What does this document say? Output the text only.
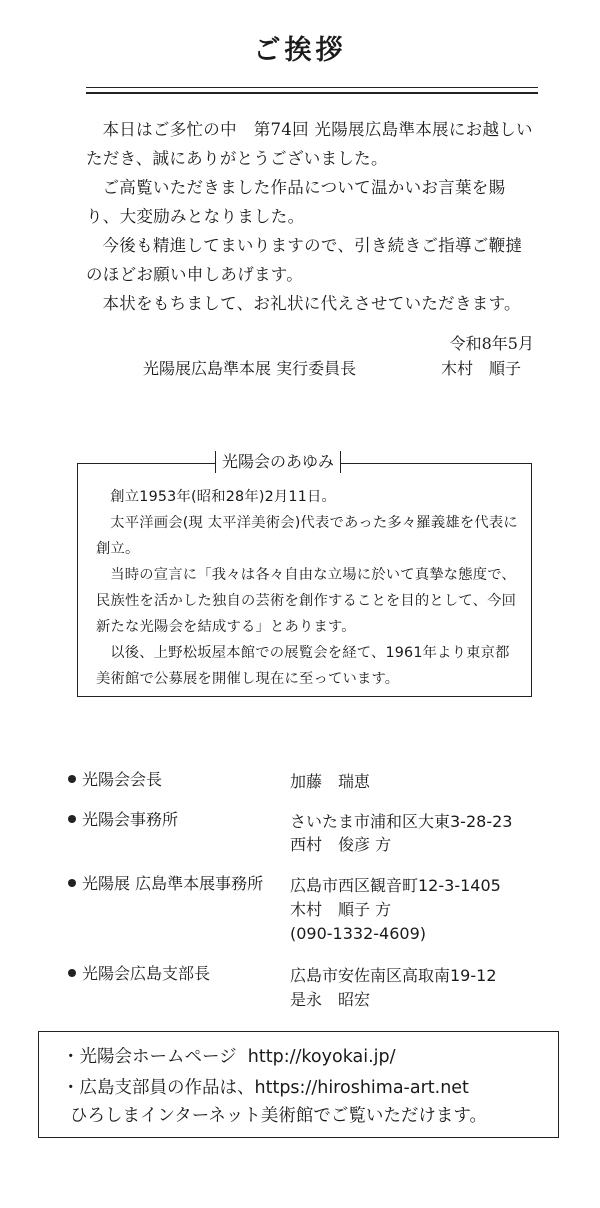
ご挨拶

本日はご多忙の中　第74回 光陽展広島準本展にお越しいただき、誠にありがとうございました。

ご高覧いただきました作品について温かいお言葉を賜り、大変励みとなりました。

今後も精進してまいりますので、引き続きご指導ご鞭撻のほどお願い申しあげます。

本状をもちまして、お礼状に代えさせていただきます。

令和8年5月
光陽展広島準本展 実行委員長	木村　順子
光陽会のあゆみ

創立1953年(昭和28年)2月11日。

太平洋画会(現 太平洋美術会)代表であった多々羅義雄を代表に創立。

当時の宣言に「我々は各々自由な立場に於いて真摯な態度で、民族性を活かした独自の芸術を創作することを目的として、今回新たな光陽会を結成する」とあります。

以後、上野松坂屋本館での展覧会を経て、1961年より東京都美術館で公募展を開催し現在に至っています。

光陽会会長	加藤　瑞恵
光陽会事務所	さいたま市浦和区大東3-28-23
西村　俊彦 方
光陽展 広島準本展事務所 広島市西区観音町12-3-1405
木村　順子 方
(090-1332-4609)
光陽会広島支部長	広島市安佐南区高取南19-12
是永　昭宏
・光陽会ホームページ http://koyokai.jp/
・広島支部員の作品は、https://hiroshima-art.net
ひろしまインターネット美術館でご覧いただけます。
